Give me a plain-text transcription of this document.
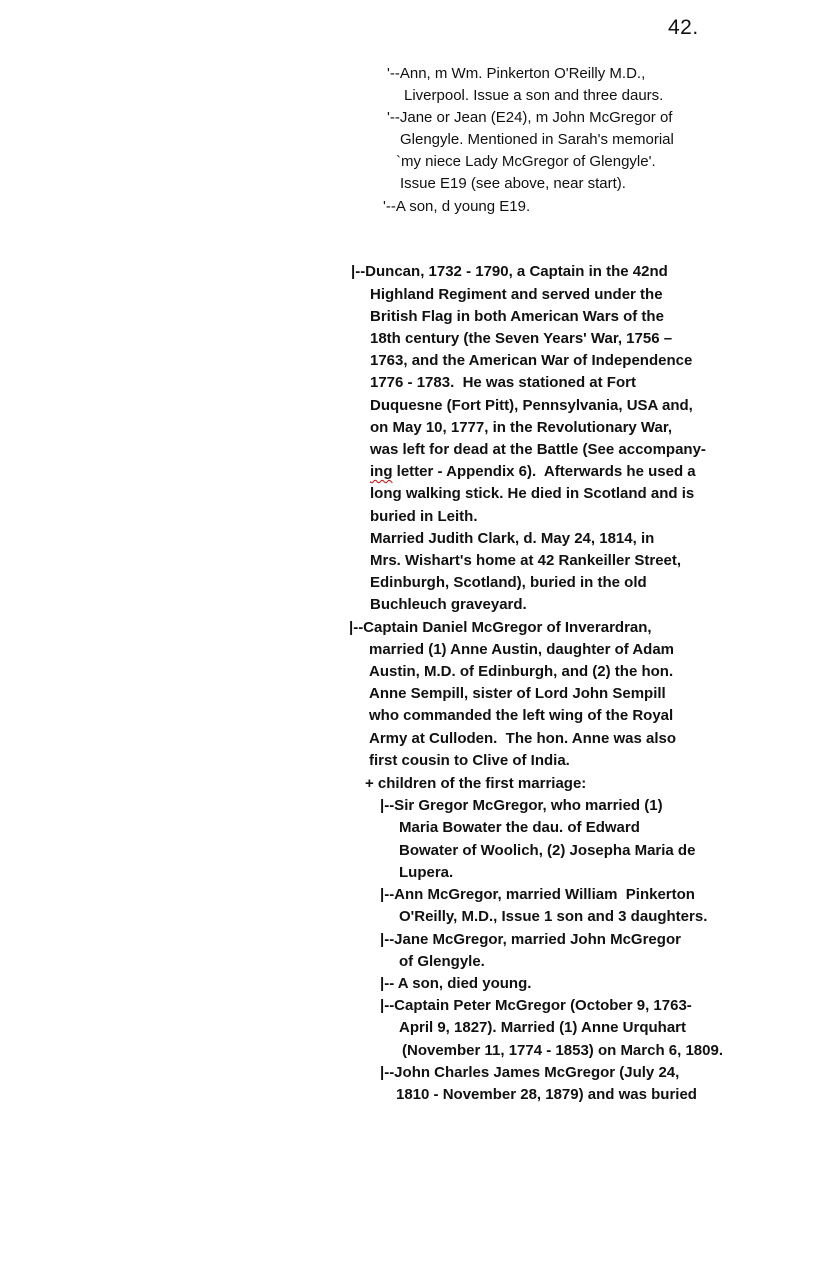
42.
'--Ann, m Wm. Pinkerton O'Reilly M.D.,
Liverpool. Issue a son and three daurs.
'--Jane or Jean (E24), m John McGregor of
Glengyle. Mentioned in Sarah's memorial
`my niece Lady McGregor of Glengyle'.
Issue E19 (see above, near start).
'--A son, d young E19.
|--Duncan, 1732 - 1790, a Captain in the 42nd
Highland Regiment and served under the
British Flag in both American Wars of the
18th century (the Seven Years' War, 1756 –
1763, and the American War of Independence
1776 - 1783.  He was stationed at Fort
Duquesne (Fort Pitt), Pennsylvania, USA and,
on May 10, 1777, in the Revolutionary War,
was left for dead at the Battle (See accompany-
ing letter - Appendix 6).  Afterwards he used a
long walking stick. He died in Scotland and is
buried in Leith.
Married Judith Clark, d. May 24, 1814, in
Mrs. Wishart's home at 42 Rankeiller Street,
Edinburgh, Scotland), buried in the old
Buchleuch graveyard.
|--Captain Daniel McGregor of Inverardran,
married (1) Anne Austin, daughter of Adam
Austin, M.D. of Edinburgh, and (2) the hon.
Anne Sempill, sister of Lord John Sempill
who commanded the left wing of the Royal
Army at Culloden.  The hon. Anne was also
first cousin to Clive of India.
+ children of the first marriage:
|--Sir Gregor McGregor, who married (1)
Maria Bowater the dau. of Edward
Bowater of Woolich, (2) Josepha Maria de
Lupera.
|--Ann McGregor, married William  Pinkerton
O'Reilly, M.D., Issue 1 son and 3 daughters.
|--Jane McGregor, married John McGregor
of Glengyle.
|-- A son, died young.
|--Captain Peter McGregor (October 9, 1763-
April 9, 1827). Married (1) Anne Urquhart
(November 11, 1774 - 1853) on March 6, 1809.
|--John Charles James McGregor (July 24,
1810 - November 28, 1879) and was buried
